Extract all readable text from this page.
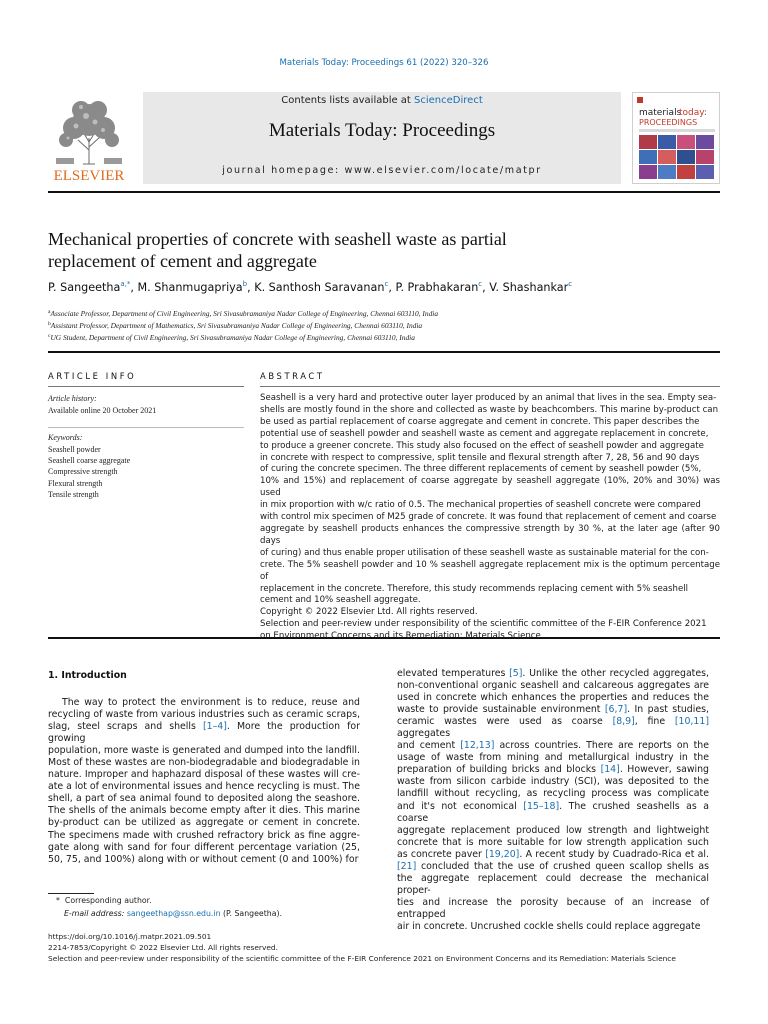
Materials Today: Proceedings 61 (2022) 320–326
ELSEVIER
Contents lists available at ScienceDirect
Materials Today: Proceedings
journal homepage: www.elsevier.com/locate/matpr
materials
today:
PROCEEDINGS
Mechanical properties of concrete with seashell waste as partial
replacement of cement and aggregate
P. Sangeetha$^{a,*}$, M. Shanmugapriya$^b$, K. Santhosh Saravanan$^c$, P. Prabhakaran$^c$, V. Shashankar$^c$
$^a$Associate Professor, Department of Civil Engineering, Sri Sivasubramaniya Nadar College of Engineering, Chennai 603110, India
$^b$Assistant Professor, Department of Mathematics, Sri Sivasubramaniya Nadar College of Engineering, Chennai 603110, India
$^c$UG Student, Department of Civil Engineering, Sri Sivasubramaniya Nadar College of Engineering, Chennai 603110, India
ARTICLE INFO
Article history:
Available online 20 October 2021
Keywords:
Seashell powder
Seashell coarse aggregate
Compressive strength
Flexural strength
Tensile strength
ABSTRACT
Seashell is a very hard and protective outer layer produced by an animal that lives in the sea. Empty sea-
shells are mostly found in the shore and collected as waste by beachcombers. This marine by-product can
be used as partial replacement of coarse aggregate and cement in concrete. This paper describes the
potential use of seashell powder and seashell waste as cement and aggregate replacement in concrete,
to produce a greener concrete. This study also focused on the effect of seashell powder and aggregate
in concrete with respect to compressive, split tensile and flexural strength after 7, 28, 56 and 90 days
of curing the concrete specimen. The three different replacements of cement by seashell powder (5%,
10% and 15%) and replacement of coarse aggregate by seashell aggregate (10%, 20% and 30%) was used
in mix proportion with w/c ratio of 0.5. The mechanical properties of seashell concrete were compared
with control mix specimen of M25 grade of concrete. It was found that replacement of cement and coarse
aggregate by seashell products enhances the compressive strength by 30 %, at the later age (after 90 days
of curing) and thus enable proper utilisation of these seashell waste as sustainable material for the con-
crete. The 5% seashell powder and 10 % seashell aggregate replacement mix is the optimum percentage of
replacement in the concrete. Therefore, this study recommends replacing cement with 5% seashell
cement and 10% seashell aggregate.
Copyright © 2022 Elsevier Ltd. All rights reserved.
Selection and peer-review under responsibility of the scientific committee of the F-EIR Conference 2021
1. Introduction

The way to protect the environment is to reduce, reuse and

recycling of waste from various industries such as ceramic scraps,

slag, steel scraps and shells [1–4]. More the production for growing

population, more waste is generated and dumped into the landfill.

Most of these wastes are non-biodegradable and biodegradable in

nature. Improper and haphazard disposal of these wastes will cre-

ate a lot of environmental issues and hence recycling is must. The

shell, a part of sea animal found to deposited along the seashore.

The shells of the animals become empty after it dies. This marine

by-product can be utilized as aggregate or cement in concrete.

The specimens made with crushed refractory brick as fine aggre-

gate along with sand for four different percentage variation (25,

50, 75, and 100%) along with or without cement (0 and 100%) for

elevated temperatures [5]. Unlike the other recycled aggregates,

non-conventional organic seashell and calcareous aggregates are

used in concrete which enhances the properties and reduces the

waste to provide sustainable environment [6,7]. In past studies,

ceramic wastes were used as coarse [8,9], fine [10,11] aggregates

and cement [12,13] across countries. There are reports on the

usage of waste from mining and metallurgical industry in the

preparation of building bricks and blocks [14]. However, sawing

waste from silicon carbide industry (SCI), was deposited to the

landfill without recycling, as recycling process was complicate

and it's not economical [15–18]. The crushed seashells as a coarse

aggregate replacement produced low strength and lightweight

concrete that is more suitable for low strength application such

as concrete paver [19,20]. A recent study by Cuadrado-Rica et al.

[21] concluded that the use of crushed queen scallop shells as

the aggregate replacement could decrease the mechanical proper-

ties and increase the porosity because of an increase of entrapped

air in concrete. Uncrushed cockle shells could replace aggregate

* Corresponding author.
E-mail address: sangeethap@ssn.edu.in (P. Sangeetha).
https://doi.org/10.1016/j.matpr.2021.09.501
2214-7853/Copyright © 2022 Elsevier Ltd. All rights reserved.
Selection and peer-review under responsibility of the scientific committee of the F-EIR Conference 2021 on Environment Concerns and its Remediation: Materials Science
